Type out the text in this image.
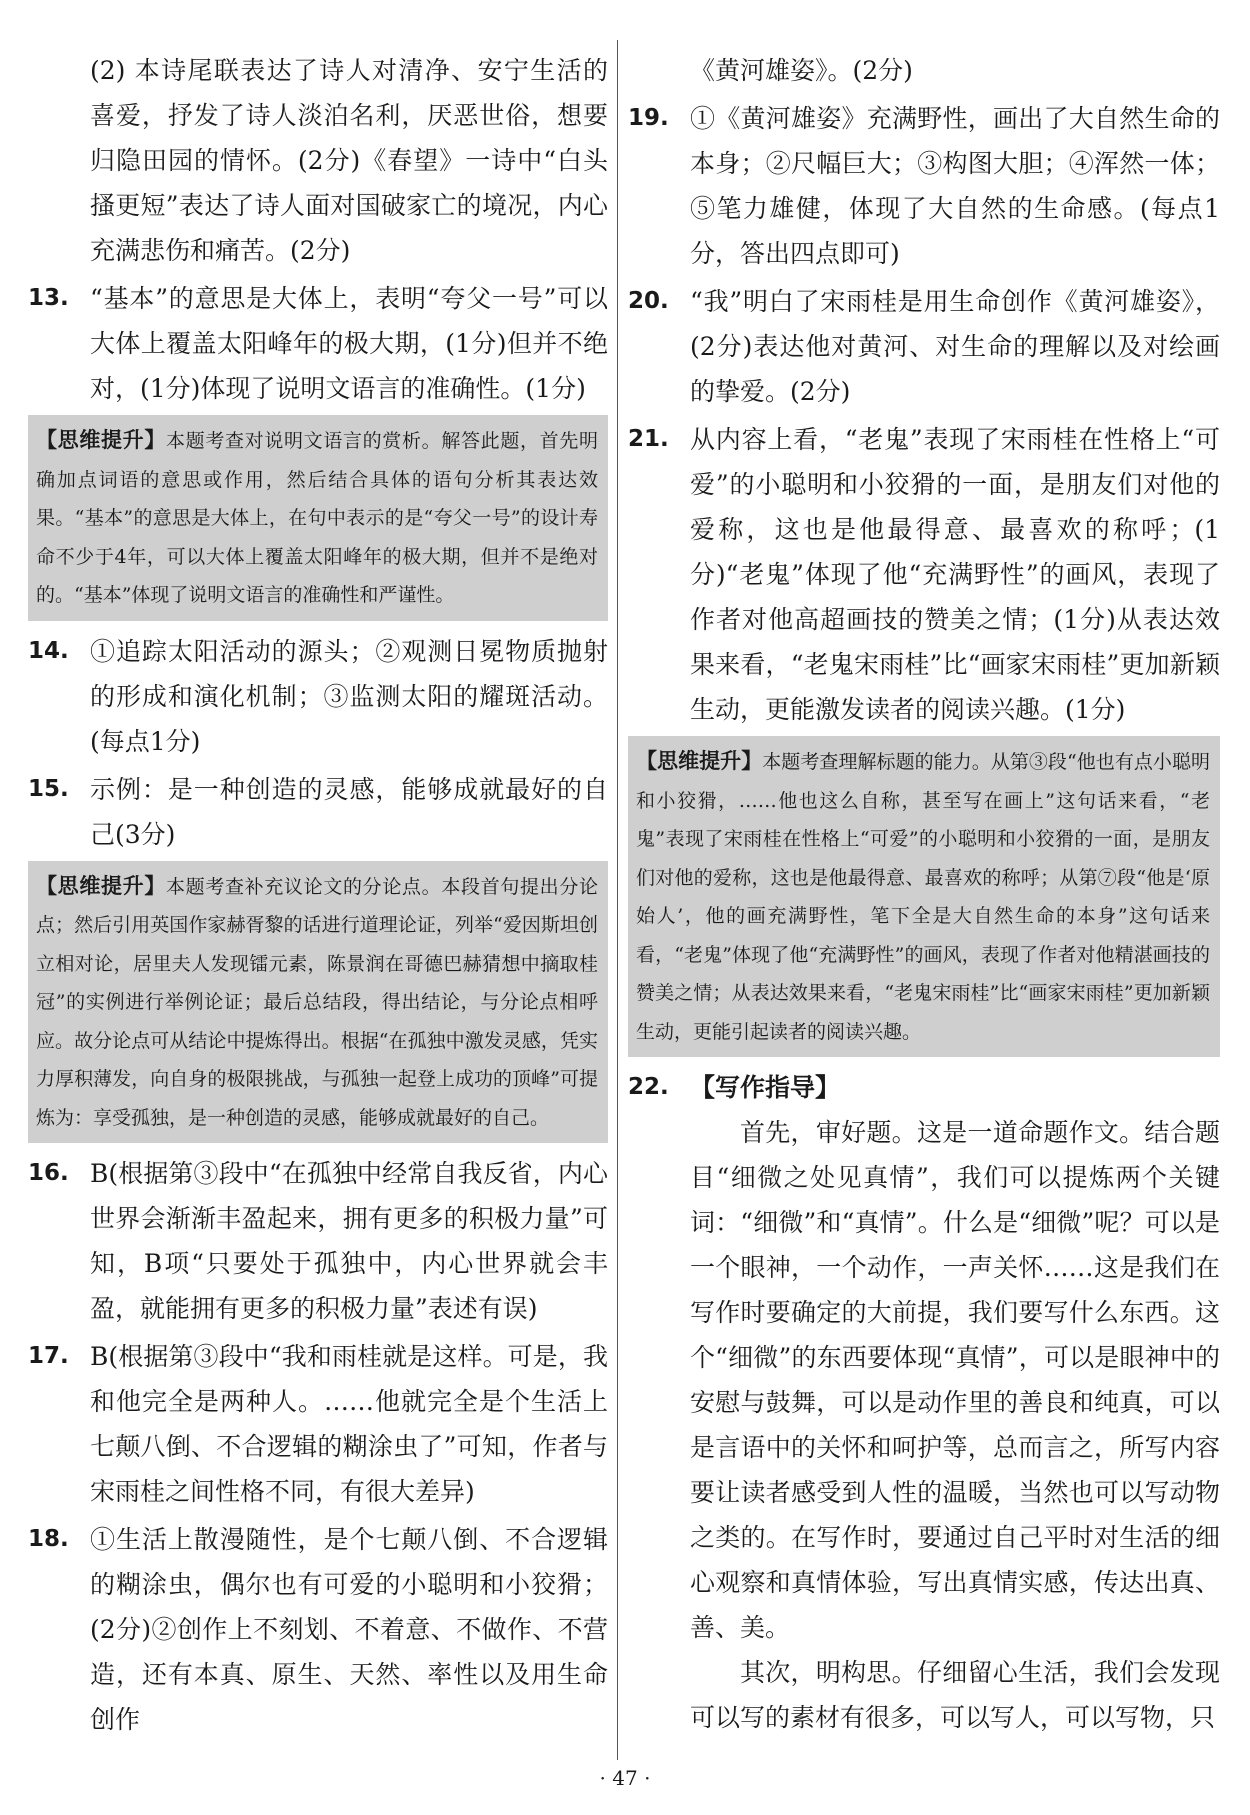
(2) 本诗尾联表达了诗人对清净、安宁生活的喜爱，抒发了诗人淡泊名利，厌恶世俗，想要归隐田园的情怀。(2分)《春望》一诗中“白头搔更短”表达了诗人面对国破家亡的境况，内心充满悲伤和痛苦。(2分)

13. “基本”的意思是大体上，表明“夸父一号”可以大体上覆盖太阳峰年的极大期，(1分)但并不绝对，(1分)体现了说明文语言的准确性。(1分)
【思维提升】本题考查对说明文语言的赏析。解答此题，首先明确加点词语的意思或作用，然后结合具体的语句分析其表达效果。“基本”的意思是大体上，在句中表示的是“夸父一号”的设计寿命不少于4年，可以大体上覆盖太阳峰年的极大期，但并不是绝对的。“基本”体现了说明文语言的准确性和严谨性。
14. ①追踪太阳活动的源头；②观测日冕物质抛射的形成和演化机制；③监测太阳的耀斑活动。(每点1分)
15. 示例：是一种创造的灵感，能够成就最好的自己(3分)
【思维提升】本题考查补充议论文的分论点。本段首句提出分论点；然后引用英国作家赫胥黎的话进行道理论证，列举“爱因斯坦创立相对论，居里夫人发现镭元素，陈景润在哥德巴赫猜想中摘取桂冠”的实例进行举例论证；最后总结段，得出结论，与分论点相呼应。故分论点可从结论中提炼得出。根据“在孤独中激发灵感，凭实力厚积薄发，向自身的极限挑战，与孤独一起登上成功的顶峰”可提炼为：享受孤独，是一种创造的灵感，能够成就最好的自己。
16. B(根据第③段中“在孤独中经常自我反省，内心世界会渐渐丰盈起来，拥有更多的积极力量”可知，B项“只要处于孤独中，内心世界就会丰盈，就能拥有更多的积极力量”表述有误)
17. B(根据第③段中“我和雨桂就是这样。可是，我和他完全是两种人。……他就完全是个生活上七颠八倒、不合逻辑的糊涂虫了”可知，作者与宋雨桂之间性格不同，有很大差异)
18. ①生活上散漫随性，是个七颠八倒、不合逻辑的糊涂虫，偶尔也有可爱的小聪明和小狡猾；(2分)②创作上不刻划、不着意、不做作、不营造，还有本真、原生、天然、率性以及用生命创作

《黄河雄姿》。(2分)

19. ①《黄河雄姿》充满野性，画出了大自然生命的本身；②尺幅巨大；③构图大胆；④浑然一体；⑤笔力雄健，体现了大自然的生命感。(每点1分，答出四点即可)
20. “我”明白了宋雨桂是用生命创作《黄河雄姿》，(2分)表达他对黄河、对生命的理解以及对绘画的挚爱。(2分)
21. 从内容上看，“老鬼”表现了宋雨桂在性格上“可爱”的小聪明和小狡猾的一面，是朋友们对他的爱称，这也是他最得意、最喜欢的称呼；(1分)“老鬼”体现了他“充满野性”的画风，表现了作者对他高超画技的赞美之情；(1分)从表达效果来看，“老鬼宋雨桂”比“画家宋雨桂”更加新颖生动，更能激发读者的阅读兴趣。(1分)
【思维提升】本题考查理解标题的能力。从第③段“他也有点小聪明和小狡猾，……他也这么自称，甚至写在画上”这句话来看，“老鬼”表现了宋雨桂在性格上“可爱”的小聪明和小狡猾的一面，是朋友们对他的爱称，这也是他最得意、最喜欢的称呼；从第⑦段“他是‘原始人’，他的画充满野性，笔下全是大自然生命的本身”这句话来看，“老鬼”体现了他“充满野性”的画风，表现了作者对他精湛画技的赞美之情；从表达效果来看，“老鬼宋雨桂”比“画家宋雨桂”更加新颖生动，更能引起读者的阅读兴趣。
22. 【写作指导】

首先，审好题。这是一道命题作文。结合题目“细微之处见真情”，我们可以提炼两个关键词：“细微”和“真情”。什么是“细微”呢？可以是一个眼神，一个动作，一声关怀……这是我们在写作时要确定的大前提，我们要写什么东西。这个“细微”的东西要体现“真情”，可以是眼神中的安慰与鼓舞，可以是动作里的善良和纯真，可以是言语中的关怀和呵护等，总而言之，所写内容要让读者感受到人性的温暖，当然也可以写动物之类的。在写作时，要通过自己平时对生活的细心观察和真情体验，写出真情实感，传达出真、善、美。

其次，明构思。仔细留心生活，我们会发现可以写的素材有很多，可以写人，可以写物，只

· 47 ·
